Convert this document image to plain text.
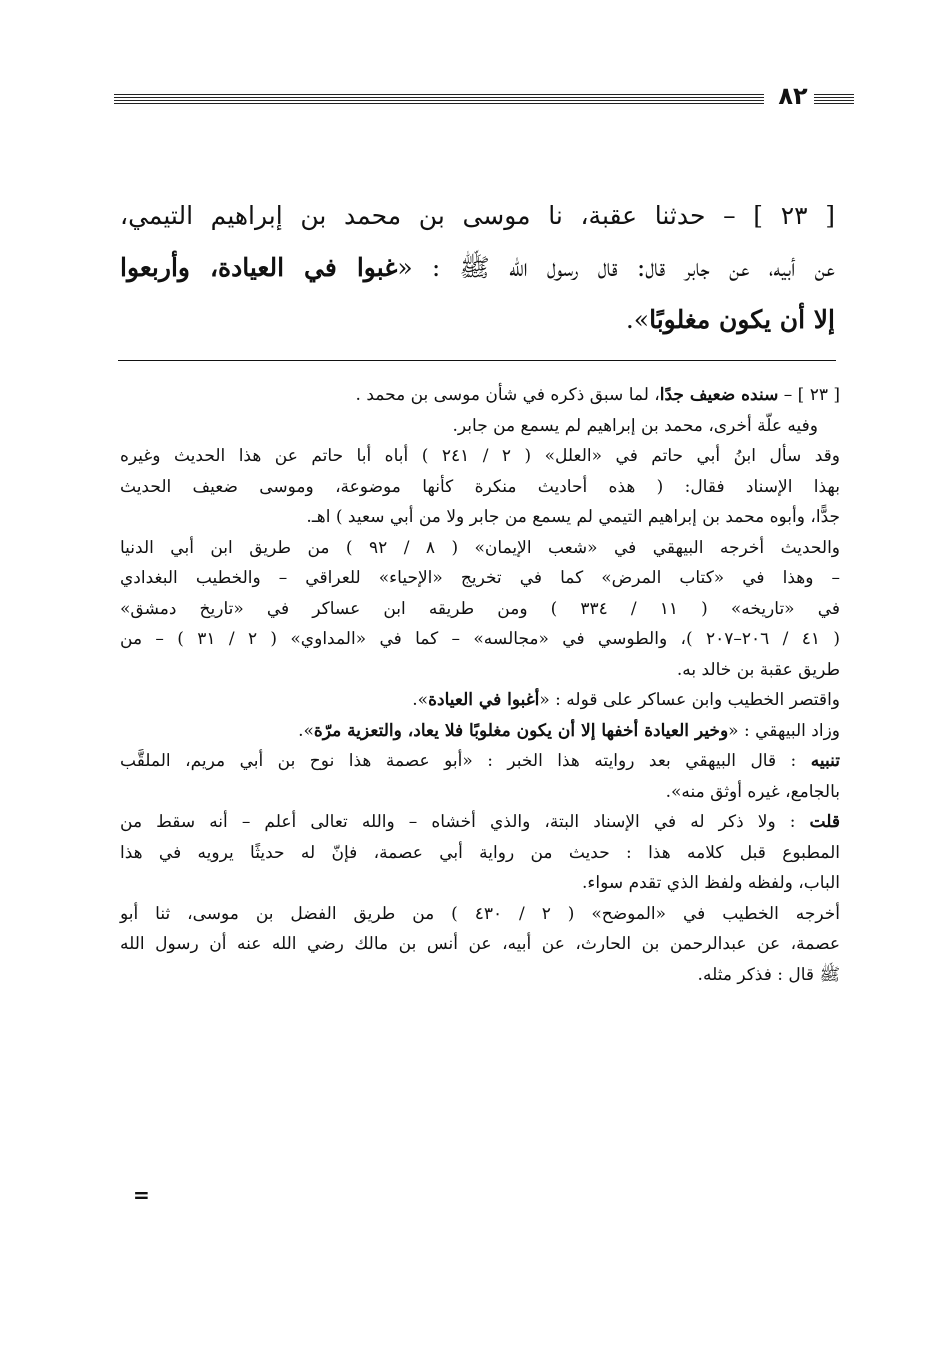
٨٢
[ ٢٣ ] – حدثنا عقبة، نا موسى بن محمد بن إبراهيم التيمي،
عن أبيه، عن جابر قال: قال رسول الله ﷺ : «غبوا في العيادة، وأربعوا
إلا أن يكون مغلوبًا».
[ ٢٣ ] – سنده ضعيف جدًا، لما سبق ذكره في شأن موسى بن محمد .
وفيه علّة أخرى، محمد بن إبراهيم لم يسمع من جابر.
وقد سأل ابنُ أبي حاتم في «العلل» ( ٢ / ٢٤١ ) أباه أبا حاتم عن هذا الحديث وغيره
بهذا الإسناد فقال: ( هذه أحاديث منكرة كأنها موضوعة، وموسى ضعيف الحديث
جدًّا، وأبوه محمد بن إبراهيم التيمي لم يسمع من جابر ولا من أبي سعيد ) اهـ.
والحديث أخرجه البيهقي في «شعب الإيمان» ( ٨ / ٩٢ ) من طريق ابن أبي الدنيا
– وهذا في «كتاب المرض» كما في تخريج «الإحياء» للعراقي – والخطيب البغدادي
في «تاريخه» ( ١١ / ٣٣٤ ) ومن طريقه ابن عساكر في «تاريخ دمشق»
( ٤١ / ٢٠٦–٢٠٧ )، والطوسي في «مجالسه» – كما في «المداوي» ( ٢ / ٣١ ) – من
طريق عقبة بن خالد به.
واقتصر الخطيب وابن عساكر على قوله : «أغبوا في العيادة».
وزاد البيهقي : «وخير العيادة أخفها إلا أن يكون مغلوبًا فلا يعاد، والتعزية مرّة».
تنبيه : قال البيهقي بعد روايته هذا الخبر : «أبو عصمة هذا نوح بن أبي مريم، الملقَّب
بالجامع، غيره أوثق منه».
قلت : ولا ذكر له في الإسناد البتة، والذي أخشاه – والله تعالى أعلم – أنه سقط من
المطبوع قبل كلامه هذا : حديث من رواية أبي عصمة، فإنّ له حديثًا يرويه في هذا
الباب، ولفظه ولفظ الذي تقدم سواء.
أخرجه الخطيب في «الموضح» ( ٢ / ٤٣٠ ) من طريق الفضل بن موسى، ثنا أبو
عصمة، عن عبدالرحمن بن الحارث، عن أبيه، عن أنس بن مالك رضي الله عنه أن رسول الله
ﷺ قال : فذكر مثله.
=
